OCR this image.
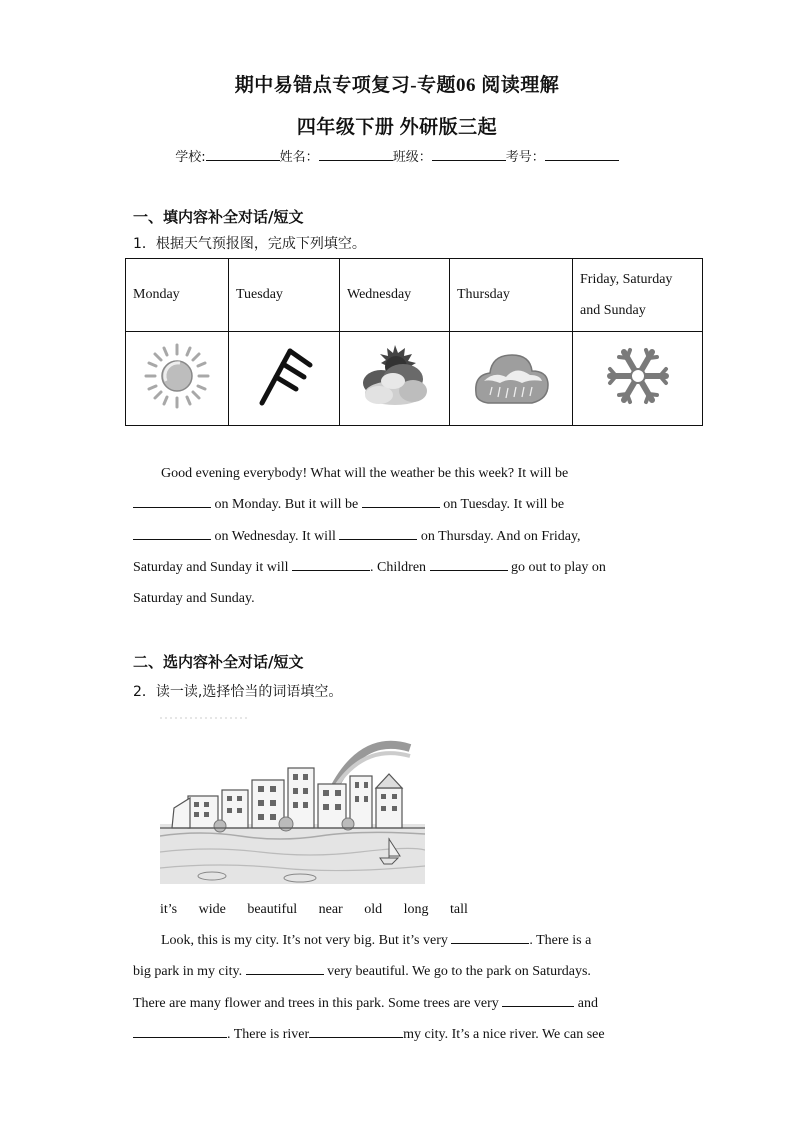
期中易错点专项复习-专题06 阅读理解
四年级下册 外研版三起
学校:	姓名：	班级：	考号：
一、填内容补全对话/短文
1．根据天气预报图，完成下列填空。
Monday	Tuesday	Wednesday	Thursday	Friday, Saturday and Sunday

Good evening everybody! What will the weather be this week? It will be
on Monday. But it will be	on Tuesday. It will be
on Wednesday. It will	on Thursday. And on Friday,
Saturday and Sunday it will	. Children	go out to play on
Saturday and Sunday.
二、选内容补全对话/短文
2．读一读,选择恰当的词语填空。
it’s wide beautiful near old long tall
Look, this is my city. It’s not very big. But it’s very	. There is a
big park in my city.	very beautiful. We go to the park on Saturdays.
There are many flower and trees in this park. Some trees are very	and
. There is river	my city. It’s a nice river. We can see
